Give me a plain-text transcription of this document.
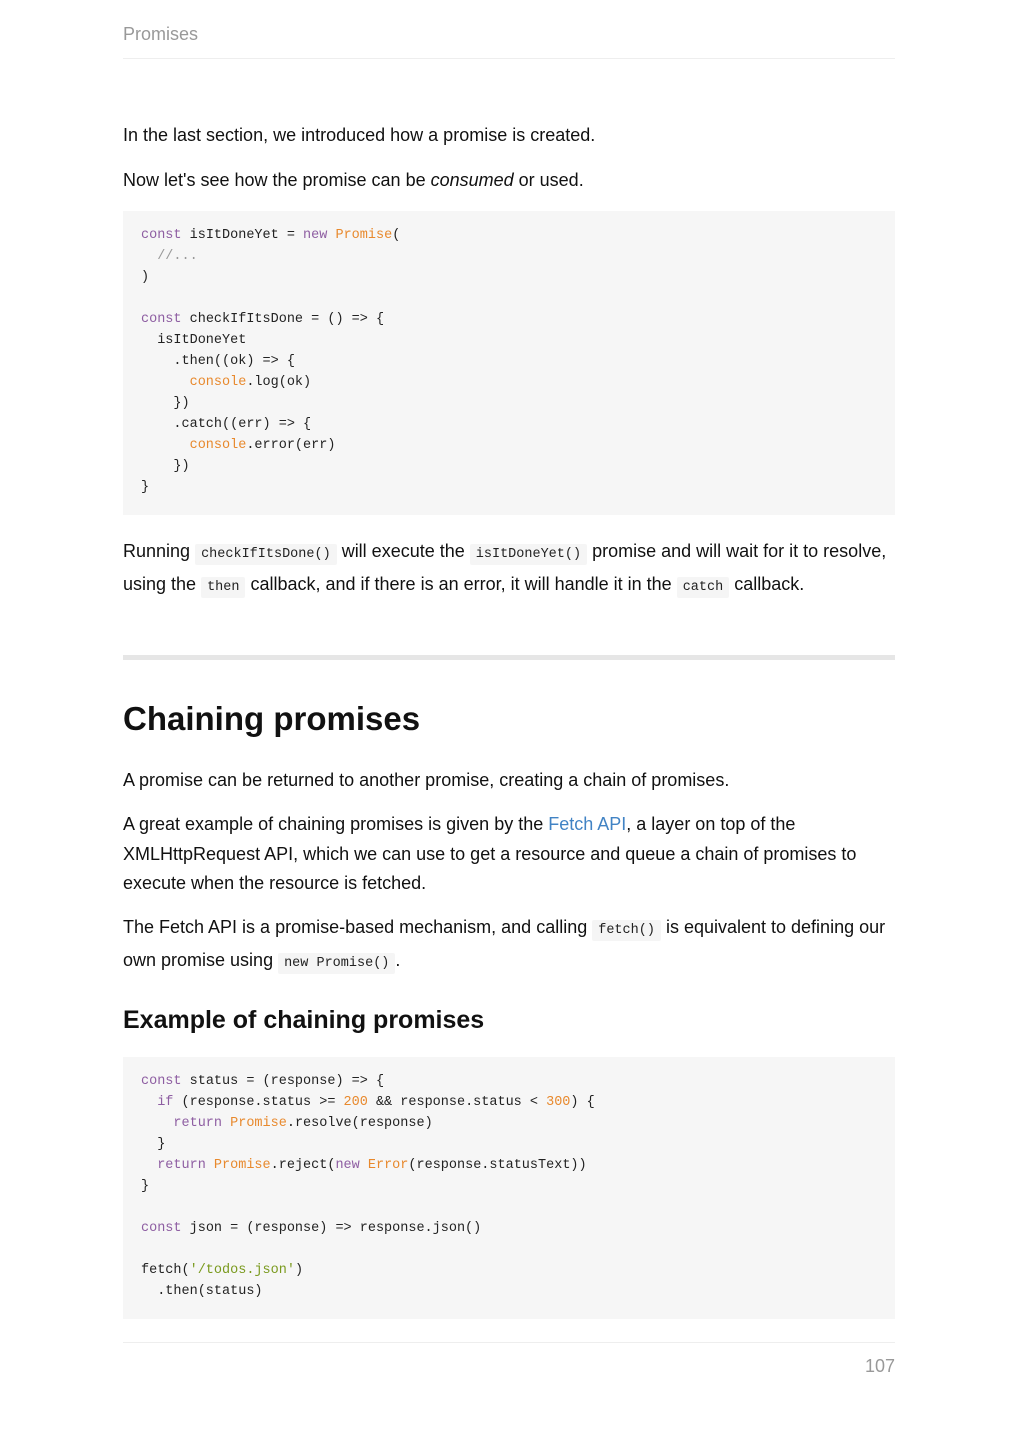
Promises

In the last section, we introduced how a promise is created.

Now let's see how the promise can be consumed or used.

const isItDoneYet = new Promise(
//...
)
const checkIfItsDone = () => {
isItDoneYet
.then((ok) => {
console.log(ok)
})
.catch((err) => {
console.error(err)
})
}

Running checkIfItsDone() will execute the isItDoneYet() promise and will wait for it to resolve, using the then callback, and if there is an error, it will handle it in the catch callback.

Chaining promises

A promise can be returned to another promise, creating a chain of promises.

A great example of chaining promises is given by the Fetch API, a layer on top of the XMLHttpRequest API, which we can use to get a resource and queue a chain of promises to execute when the resource is fetched.

The Fetch API is a promise-based mechanism, and calling fetch() is equivalent to defining our own promise using new Promise() .

Example of chaining promises
const status = (response) => {
if (response.status >= 200 && response.status < 300) {
return Promise.resolve(response)
}
return Promise.reject(new Error(response.statusText))
}
const json = (response) => response.json()
fetch('/todos.json')
.then(status)
107
